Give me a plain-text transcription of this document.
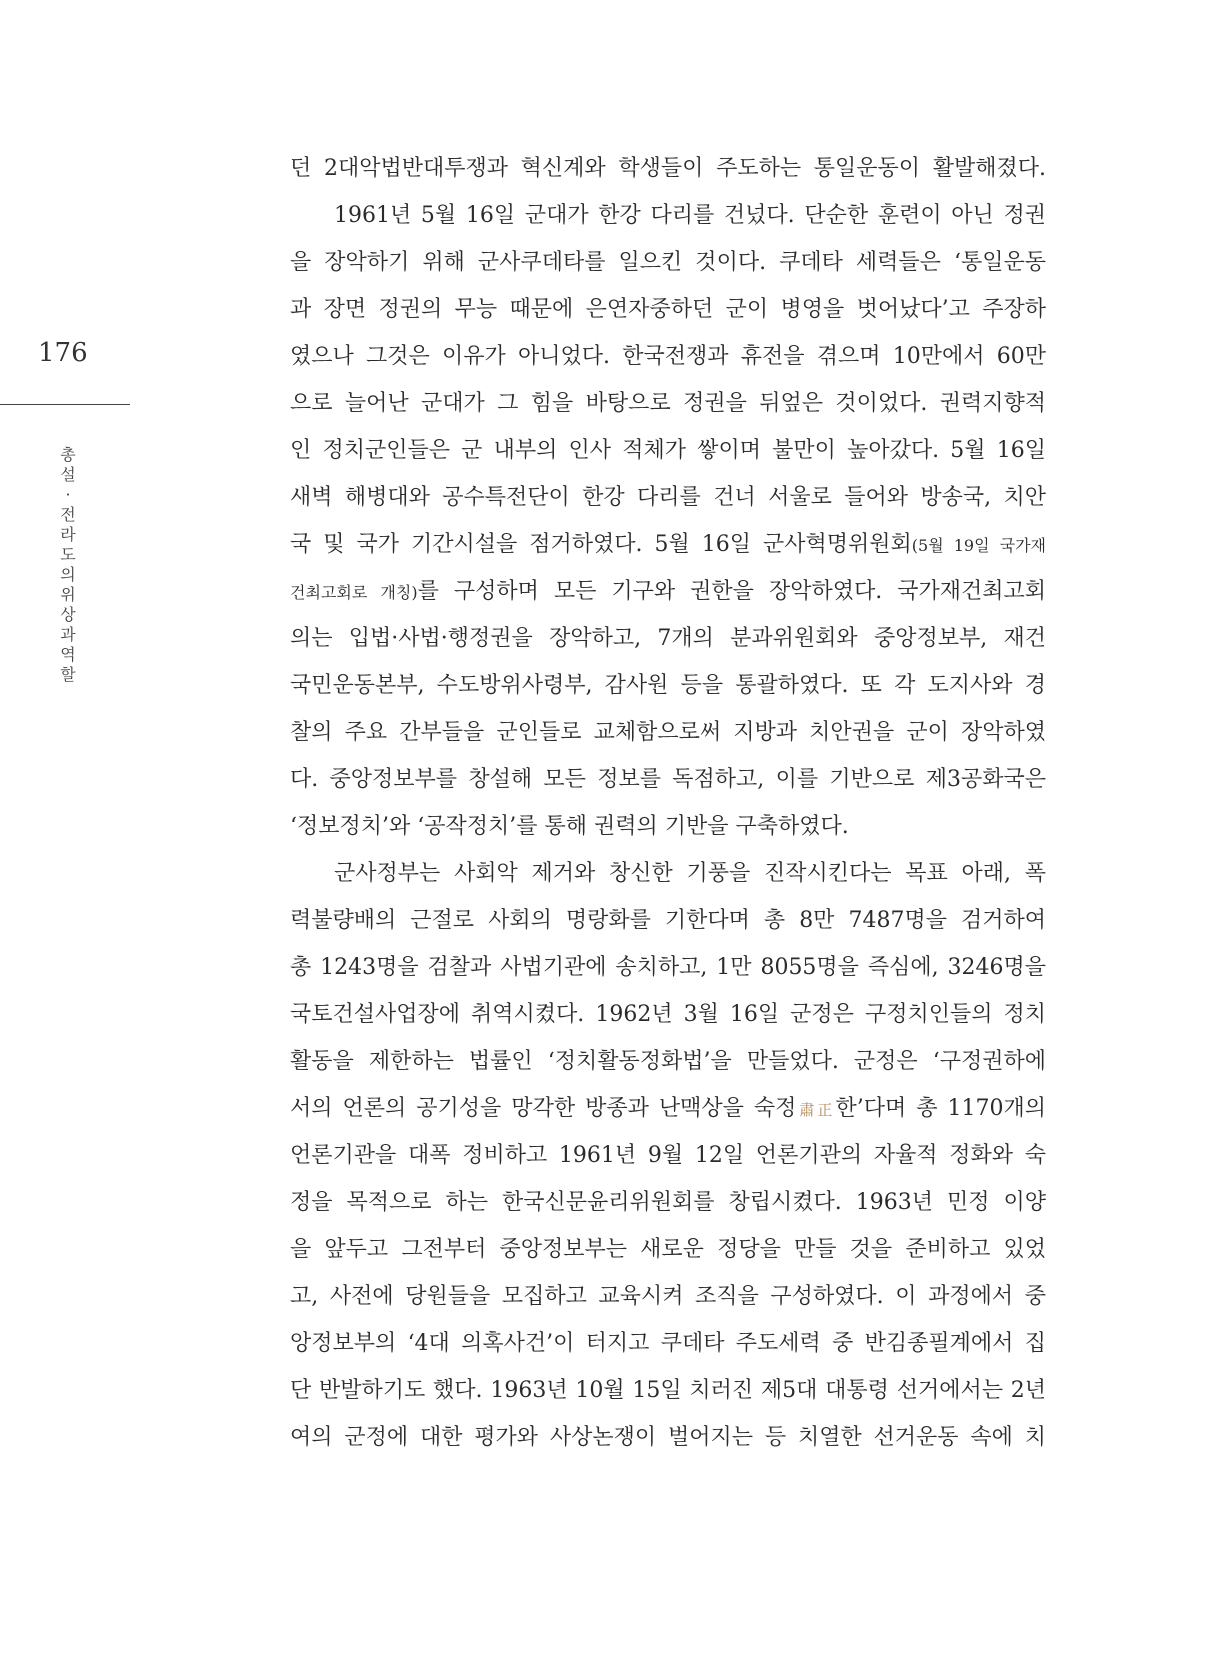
176
총
설
·
전
라
도
의
위
상
과
역
할
던 2대악법반대투쟁과 혁신계와 학생들이 주도하는 통일운동이 활발해졌다.
1961년 5월 16일 군대가 한강 다리를 건넜다. 단순한 훈련이 아닌 정권
을 장악하기 위해 군사쿠데타를 일으킨 것이다. 쿠데타 세력들은 ‘통일운동
과 장면 정권의 무능 때문에 은연자중하던 군이 병영을 벗어났다’고 주장하
였으나 그것은 이유가 아니었다. 한국전쟁과 휴전을 겪으며 10만에서 60만
으로 늘어난 군대가 그 힘을 바탕으로 정권을 뒤엎은 것이었다. 권력지향적
인 정치군인들은 군 내부의 인사 적체가 쌓이며 불만이 높아갔다. 5월 16일
새벽 해병대와 공수특전단이 한강 다리를 건너 서울로 들어와 방송국, 치안
국 및 국가 기간시설을 점거하였다. 5월 16일 군사혁명위원회(5월 19일 국가재
건최고회로 개칭)를 구성하며 모든 기구와 권한을 장악하였다. 국가재건최고회
의는 입법·사법·행정권을 장악하고, 7개의 분과위원회와 중앙정보부, 재건
국민운동본부, 수도방위사령부, 감사원 등을 통괄하였다. 또 각 도지사와 경
찰의 주요 간부들을 군인들로 교체함으로써 지방과 치안권을 군이 장악하였
다. 중앙정보부를 창설해 모든 정보를 독점하고, 이를 기반으로 제3공화국은
‘정보정치’와 ‘공작정치’를 통해 권력의 기반을 구축하였다.
군사정부는 사회악 제거와 창신한 기풍을 진작시킨다는 목표 아래, 폭
력불량배의 근절로 사회의 명랑화를 기한다며 총 8만 7487명을 검거하여
총 1243명을 검찰과 사법기관에 송치하고, 1만 8055명을 즉심에, 3246명을
국토건설사업장에 취역시켰다. 1962년 3월 16일 군정은 구정치인들의 정치
활동을 제한하는 법률인 ‘정치활동정화법’을 만들었다. 군정은 ‘구정권하에
서의 언론의 공기성을 망각한 방종과 난맥상을 숙정肅正한’다며 총 1170개의
언론기관을 대폭 정비하고 1961년 9월 12일 언론기관의 자율적 정화와 숙
정을 목적으로 하는 한국신문윤리위원회를 창립시켰다. 1963년 민정 이양
을 앞두고 그전부터 중앙정보부는 새로운 정당을 만들 것을 준비하고 있었
고, 사전에 당원들을 모집하고 교육시켜 조직을 구성하였다. 이 과정에서 중
앙정보부의 ‘4대 의혹사건’이 터지고 쿠데타 주도세력 중 반김종필계에서 집
단 반발하기도 했다. 1963년 10월 15일 치러진 제5대 대통령 선거에서는 2년
여의 군정에 대한 평가와 사상논쟁이 벌어지는 등 치열한 선거운동 속에 치
